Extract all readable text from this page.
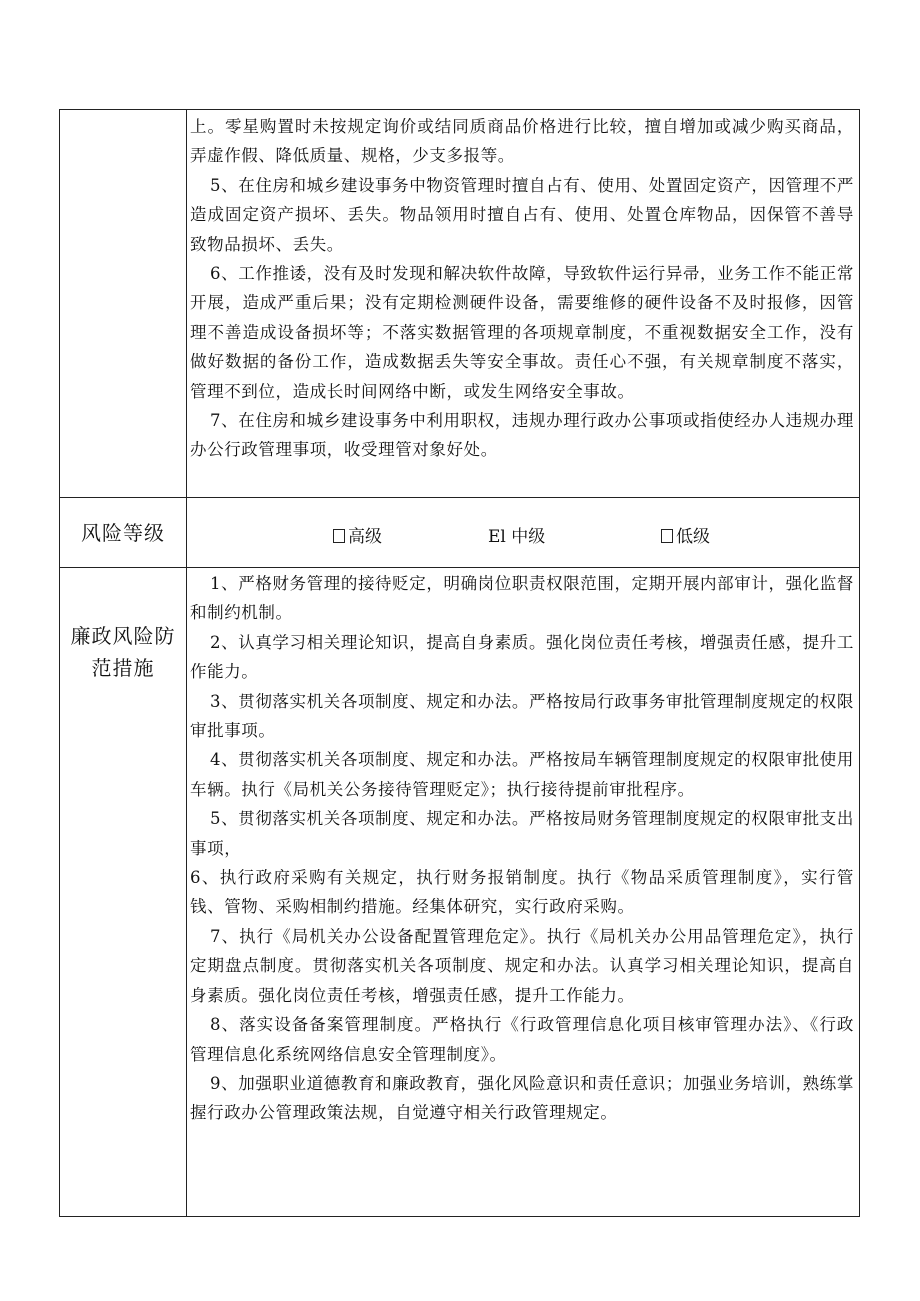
上。零星购置时未按规定询价或结同质商品价格进行比较，擅自增加或减少购买商品，弄虚作假、降低质量、规格，少支多报等。

5、在住房和城乡建设事务中物资管理时擅自占有、使用、处置固定资产，因管理不严造成固定资产损坏、丢失。物品领用时擅自占有、使用、处置仓库物品，因保管不善导致物品损坏、丢失。

6、工作推诿，没有及时发现和解决软件故障，导致软件运行异帚，业务工作不能正常开展，造成严重后果；没有定期检测硬件设备，需要维修的硬件设备不及时报修，因管理不善造成设备损坏等；不落实数据管理的各项规章制度，不重视数据安全工作，没有做好数据的备份工作，造成数据丢失等安全事故。责任心不强，有关规章制度不落实，管理不到位，造成长时间网络中断，或发生网络安全事故。

7、在住房和城乡建设事务中利用职权，违规办理行政办公事项或指使经办人违规办理办公行政管理事项，收受理管对象好处。

风险等级	高级	El 中级	低级
廉政风险防范措施

1、严格财务管理的接待贬定，明确岗位职责权限范围，定期开展内部审计，强化监督和制约机制。

2、认真学习相关理论知识，提高自身素质。强化岗位责任考核，增强责任感，提升工作能力。

3、贯彻落实机关各项制度、规定和办法。严格按局行政事务审批管理制度规定的权限审批事项。

4、贯彻落实机关各项制度、规定和办法。严格按局车辆管理制度规定的权限审批使用车辆。执行《局机关公务接待管理贬定》；执行接待提前审批程序。

5、贯彻落实机关各项制度、规定和办法。严格按局财务管理制度规定的权限审批支出事项，

6、执行政府采购有关规定，执行财务报销制度。执行《物品采质管理制度》，实行管钱、管物、采购相制约措施。经集体研究，实行政府采购。

7、执行《局机关办公设备配置管理危定》。执行《局机关办公用品管理危定》，执行定期盘点制度。贯彻落实机关各项制度、规定和办法。认真学习相关理论知识，提高自身素质。强化岗位责任考核，增强责任感，提升工作能力。

8、落实设备备案管理制度。严格执行《行政管理信息化项目核审管理办法》、《行政管理信息化系统网络信息安全管理制度》。

9、加强职业道德教育和廉政教育，强化风险意识和责任意识；加强业务培训，熟练掌握行政办公管理政策法规，自觉遵守相关行政管理规定。
